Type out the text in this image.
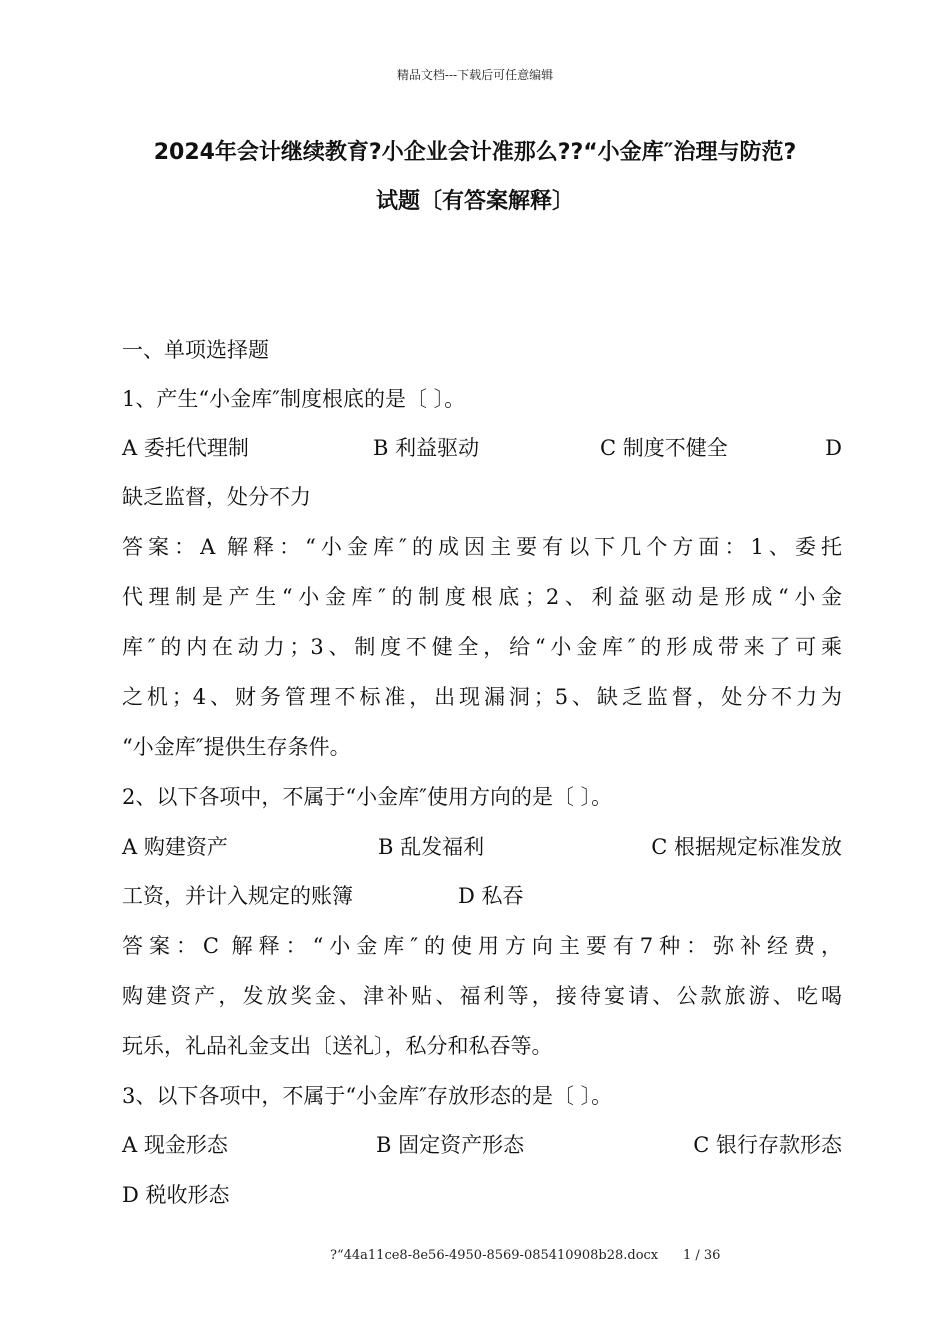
精品文档---下载后可任意编辑
2024年会计继续教育?小企业会计准那么??“小金库″治理与防范?
试题〔有答案解释〕
一、单项选择题
1、产生“小金库″制度根底的是〔 〕。
A 委托代理制	B 利益驱动	C 制度不健全	D
缺乏监督，处分不力
答案：A 解释：“小金库″的成因主要有以下几个方面：1、委托
代理制是产生“小金库″的制度根底；2、利益驱动是形成“小金
库″的内在动力；3、制度不健全，给“小金库″的形成带来了可乘
之机；4、财务管理不标准，出现漏洞；5、缺乏监督，处分不力为
“小金库″提供生存条件。
2、以下各项中，不属于“小金库″使用方向的是〔 〕。
A 购建资产	B 乱发福利	C 根据规定标准发放
工资，并计入规定的账簿	D 私吞
答案：C 解释：“小金库″的使用方向主要有7种：弥补经费，
购建资产，发放奖金、津补贴、福利等，接待宴请、公款旅游、吃喝
玩乐，礼品礼金支出〔送礼〕，私分和私吞等。
3、以下各项中，不属于“小金库″存放形态的是〔 〕。
A 现金形态	B 固定资产形态	C 银行存款形态
D 税收形态
?“44a11ce8-8e56-4950-8569-085410908b28.docx 1 / 36
